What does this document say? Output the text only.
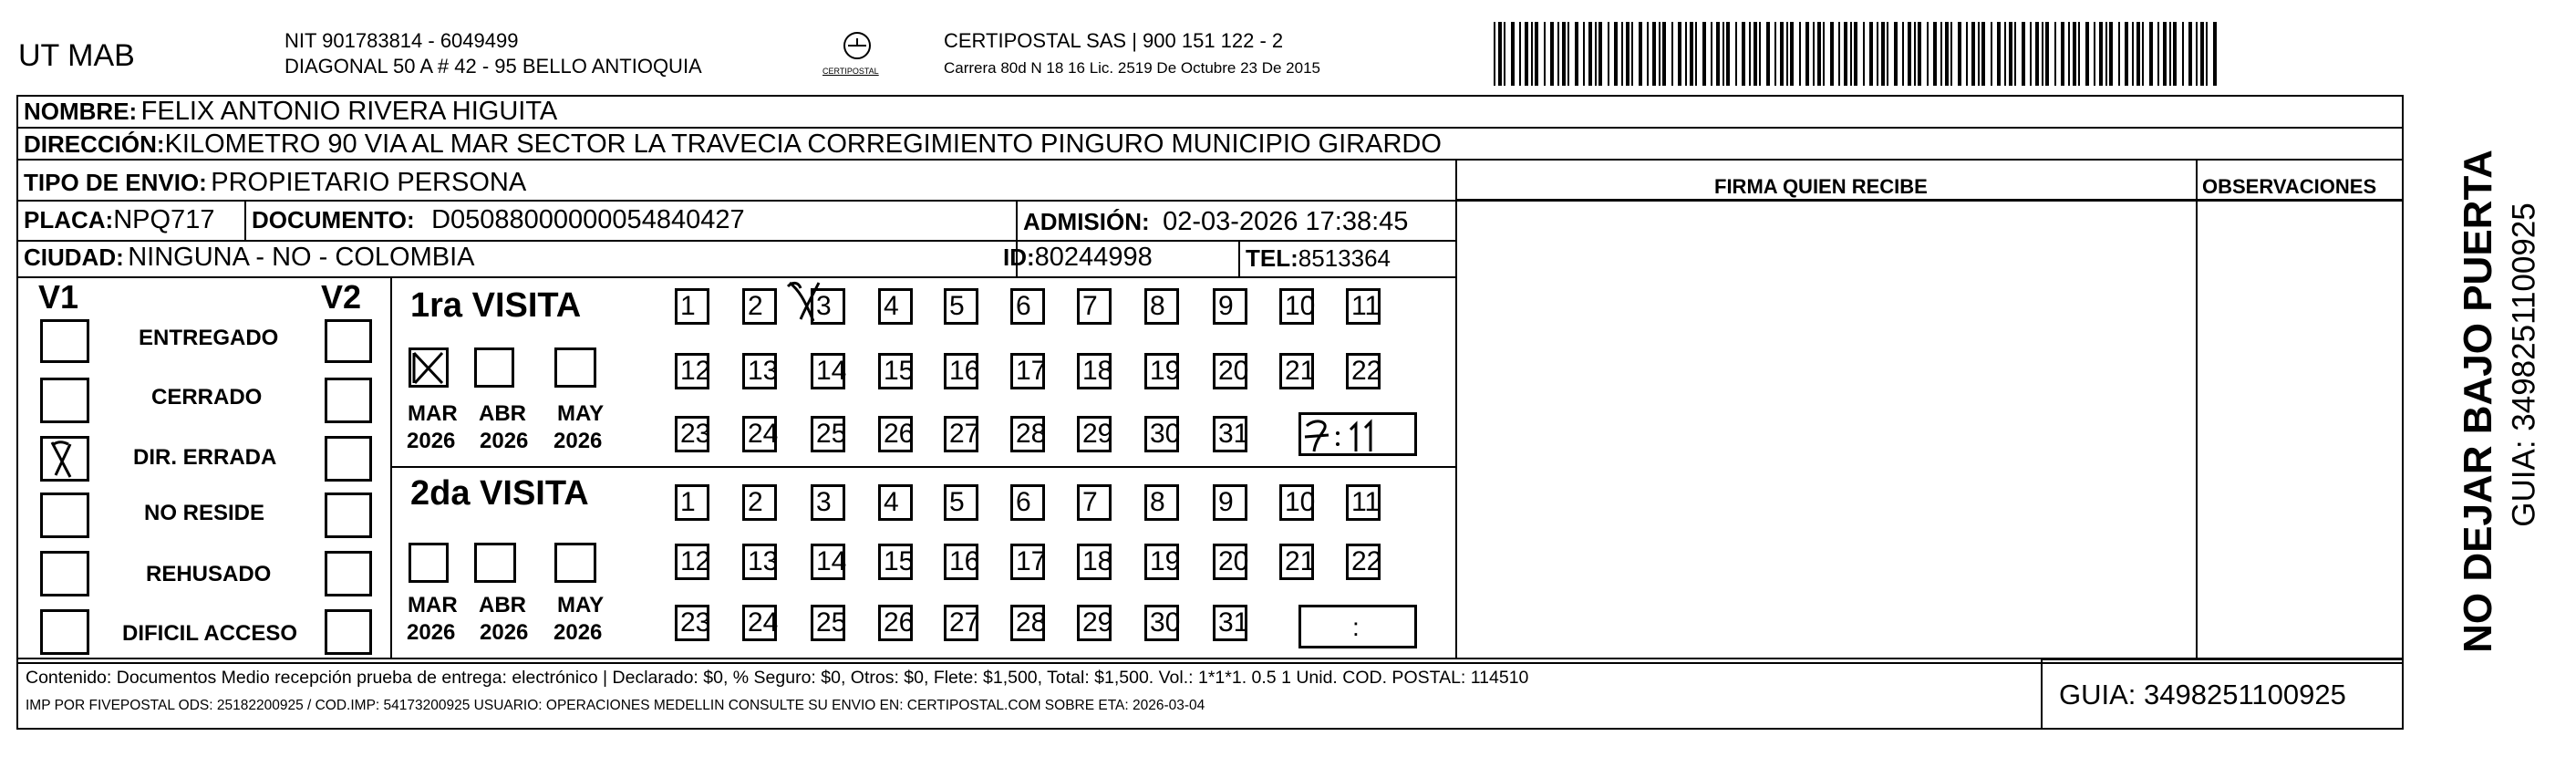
UT MAB	NIT 901783814 - 6049499
DIAGONAL 50 A # 42 - 95 BELLO ANTIOQUIA	CERTIPOSTAL
CERTIPOSTAL SAS | 900 151 122 - 2
Carrera 80d N 18 16 Lic. 2519 De Octubre 23 De 2015
NOMBRE: FELIX ANTONIO RIVERA HIGUITA
DIRECCIÓN:KILOMETRO 90 VIA AL MAR SECTOR LA TRAVECIA CORREGIMIENTO PINGURO MUNICIPIO GIRARDO
TIPO DE ENVIO: PROPIETARIO PERSONA
PLACA:NPQ717 DOCUMENTO: D05088000000054840427	ADMISIÓN: 02-03-2026 17:38:45
CIUDAD: NINGUNA - NO - COLOMBIA	ID:80244998	TEL:8513364
FIRMA QUIEN RECIBE	OBSERVACIONES
V1	V2
ENTREGADO
CERRADO
DIR. ERRADA
NO RESIDE
REHUSADO
DIFICIL ACCESO
1ra VISITA
MAR ABR MAY
2026 2026 2026
1	2	3	4	5	6	7	8	9	10 11
12 13 14 15 16 17 18 19 20 21 22
23 24 25 26 27 28 29 30 31
2da VISITA
MAR ABR MAY
2026 2026 2026
1	2	3	4	5	6	7	8	9	10 11
12 13 14 15 16 17 18 19 20 21 22
23 24 25 26 27 28 29 30 31	:
Contenido: Documentos Medio recepción prueba de entrega: electrónico | Declarado: $0, % Seguro: $0, Otros: $0, Flete: $1,500, Total: $1,500. Vol.: 1*1*1. 0.5 1 Unid. COD. POSTAL: 114510
IMP POR FIVEPOSTAL ODS: 25182200925 / COD.IMP: 54173200925 USUARIO: OPERACIONES MEDELLIN CONSULTE SU ENVIO EN: CERTIPOSTAL.COM SOBRE ETA: 2026-03-04	GUIA: 3498251100925
NO DEJAR BAJO PUERTA GUIA: 3498251100925
